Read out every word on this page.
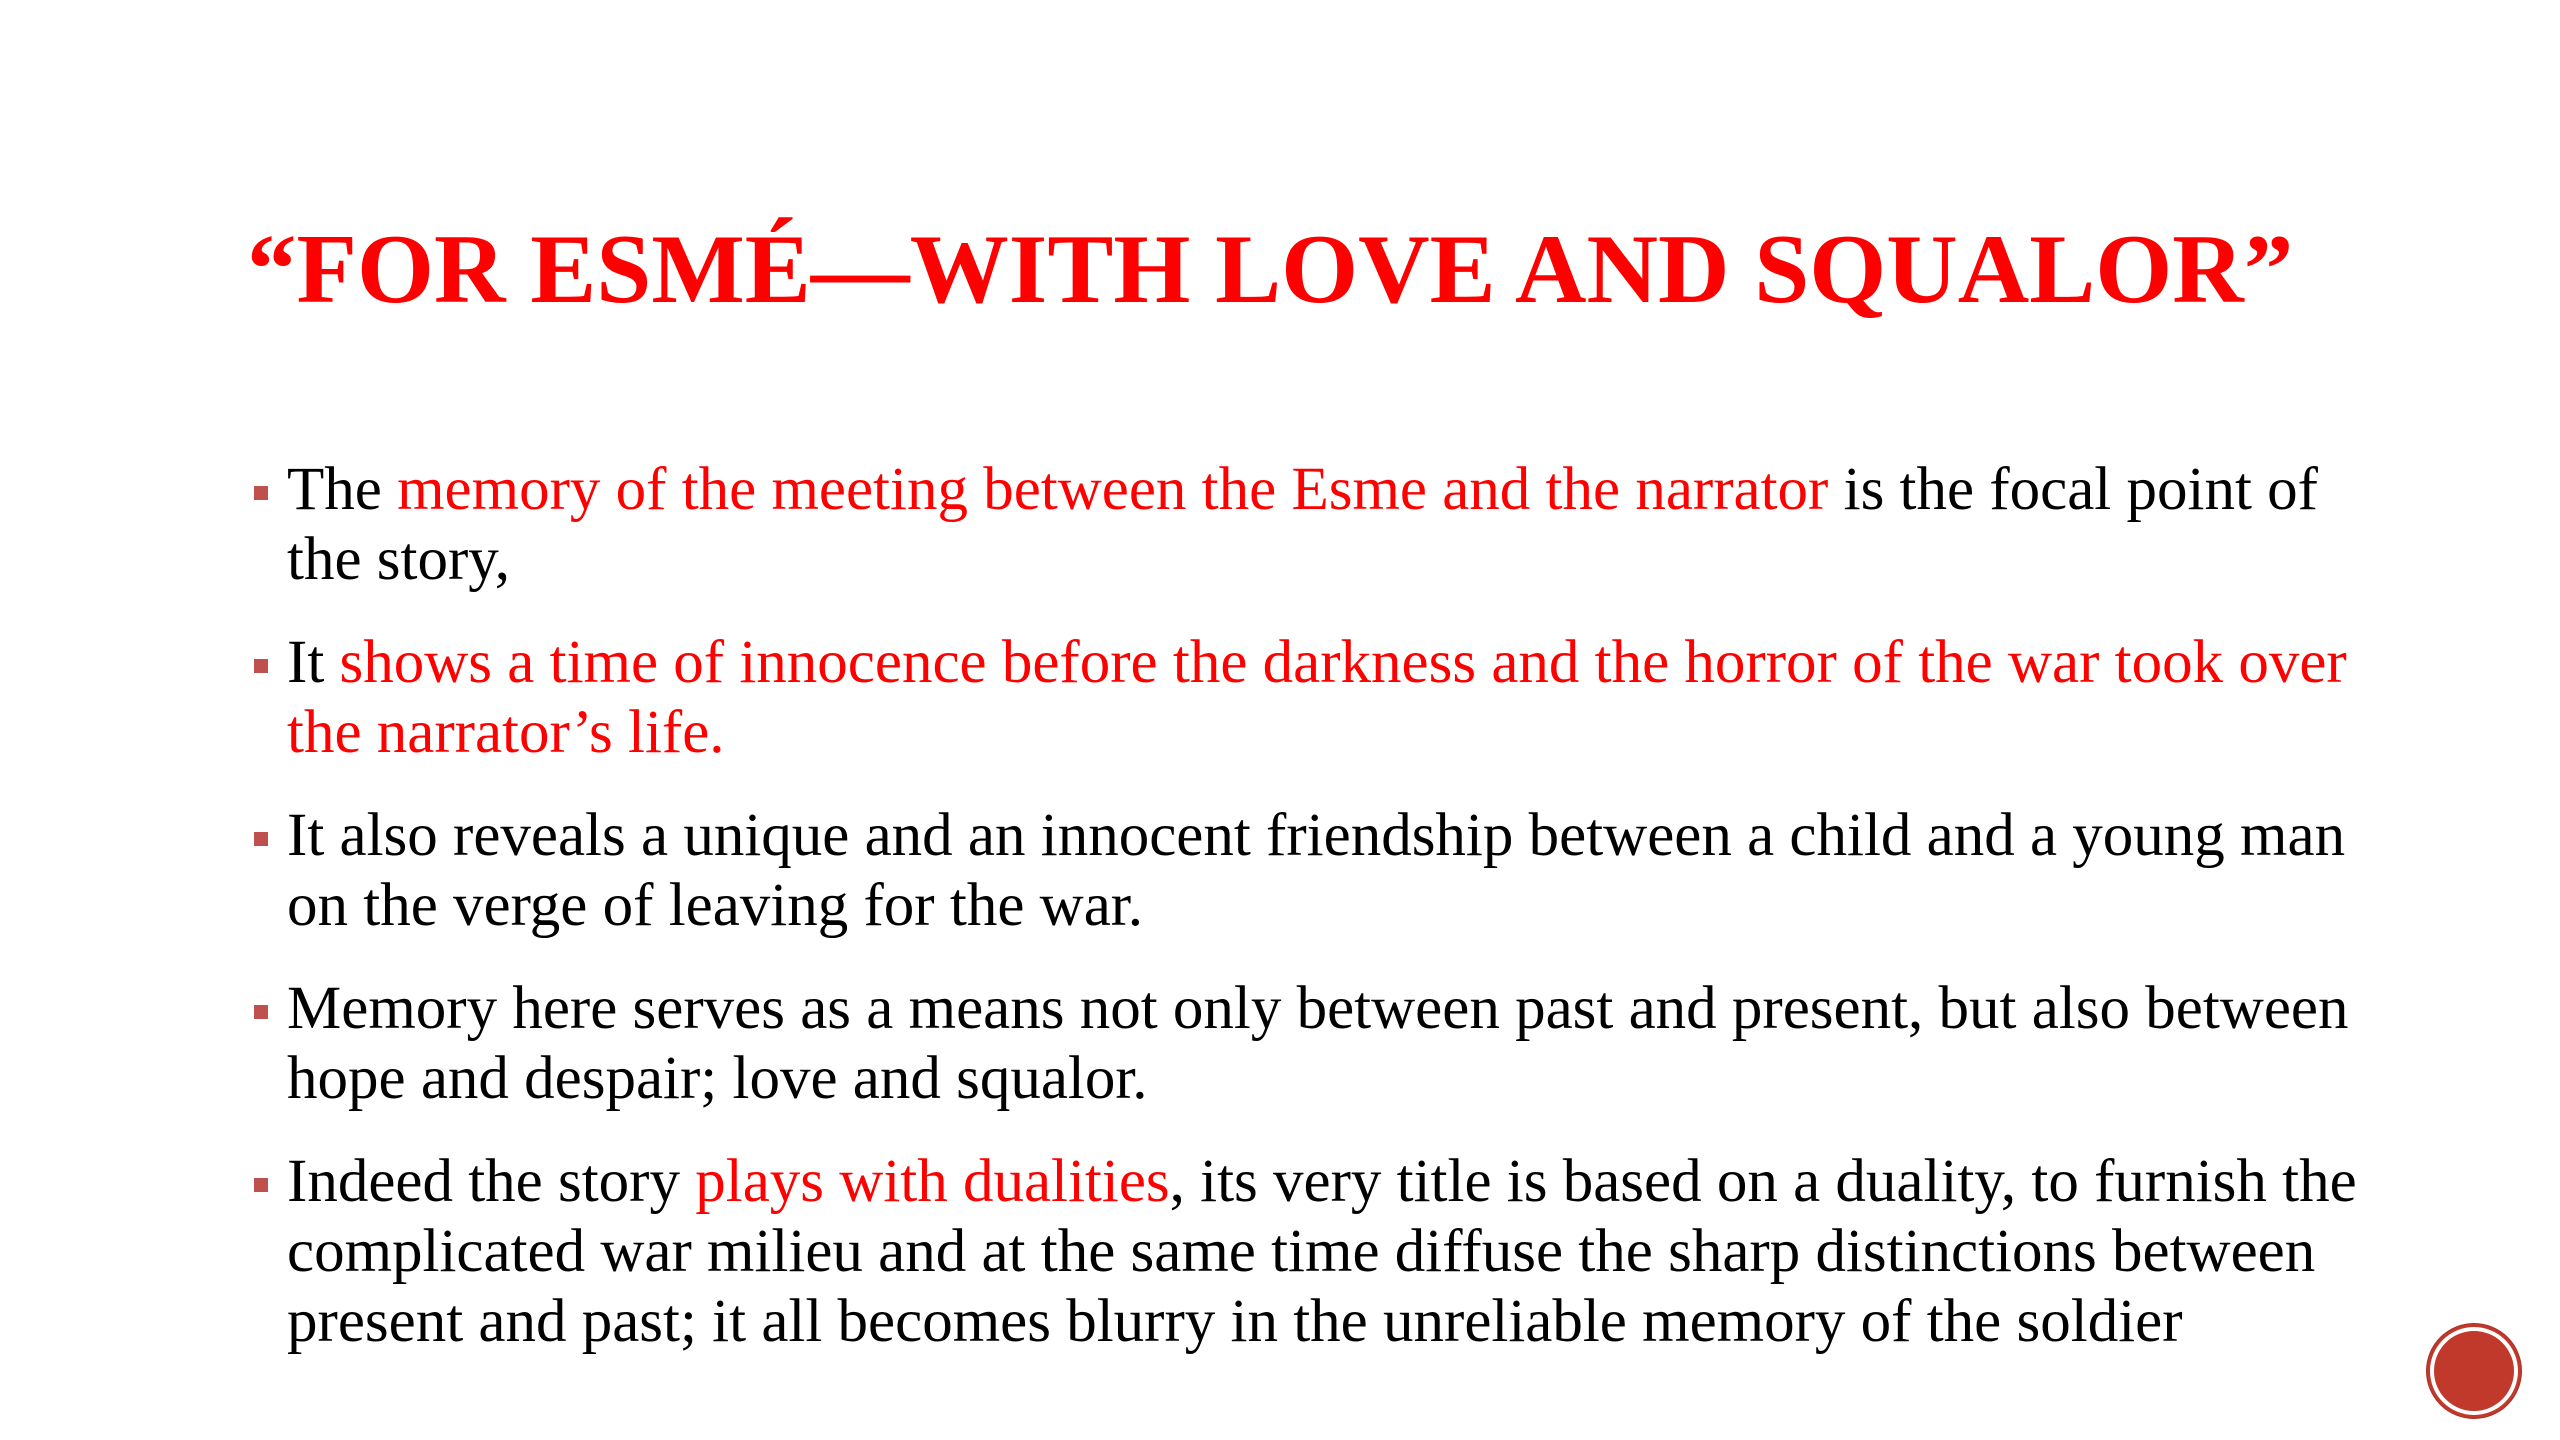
“FOR ESMÉ—WITH LOVE AND SQUALOR”
The memory of the meeting between the Esme and the narrator is the focal point of the story,
It shows a time of innocence before the darkness and the horror of the war took over the narrator’s life.
It also reveals a unique and an innocent friendship between a child and a young man on the verge of leaving for the war.
Memory here serves as a means not only between past and present, but also between hope and despair; love and squalor.
Indeed the story plays with dualities, its very title is based on a duality, to furnish the complicated war milieu and at the same time diffuse the sharp distinctions between present and past; it all becomes blurry in the unreliable memory of the soldier
